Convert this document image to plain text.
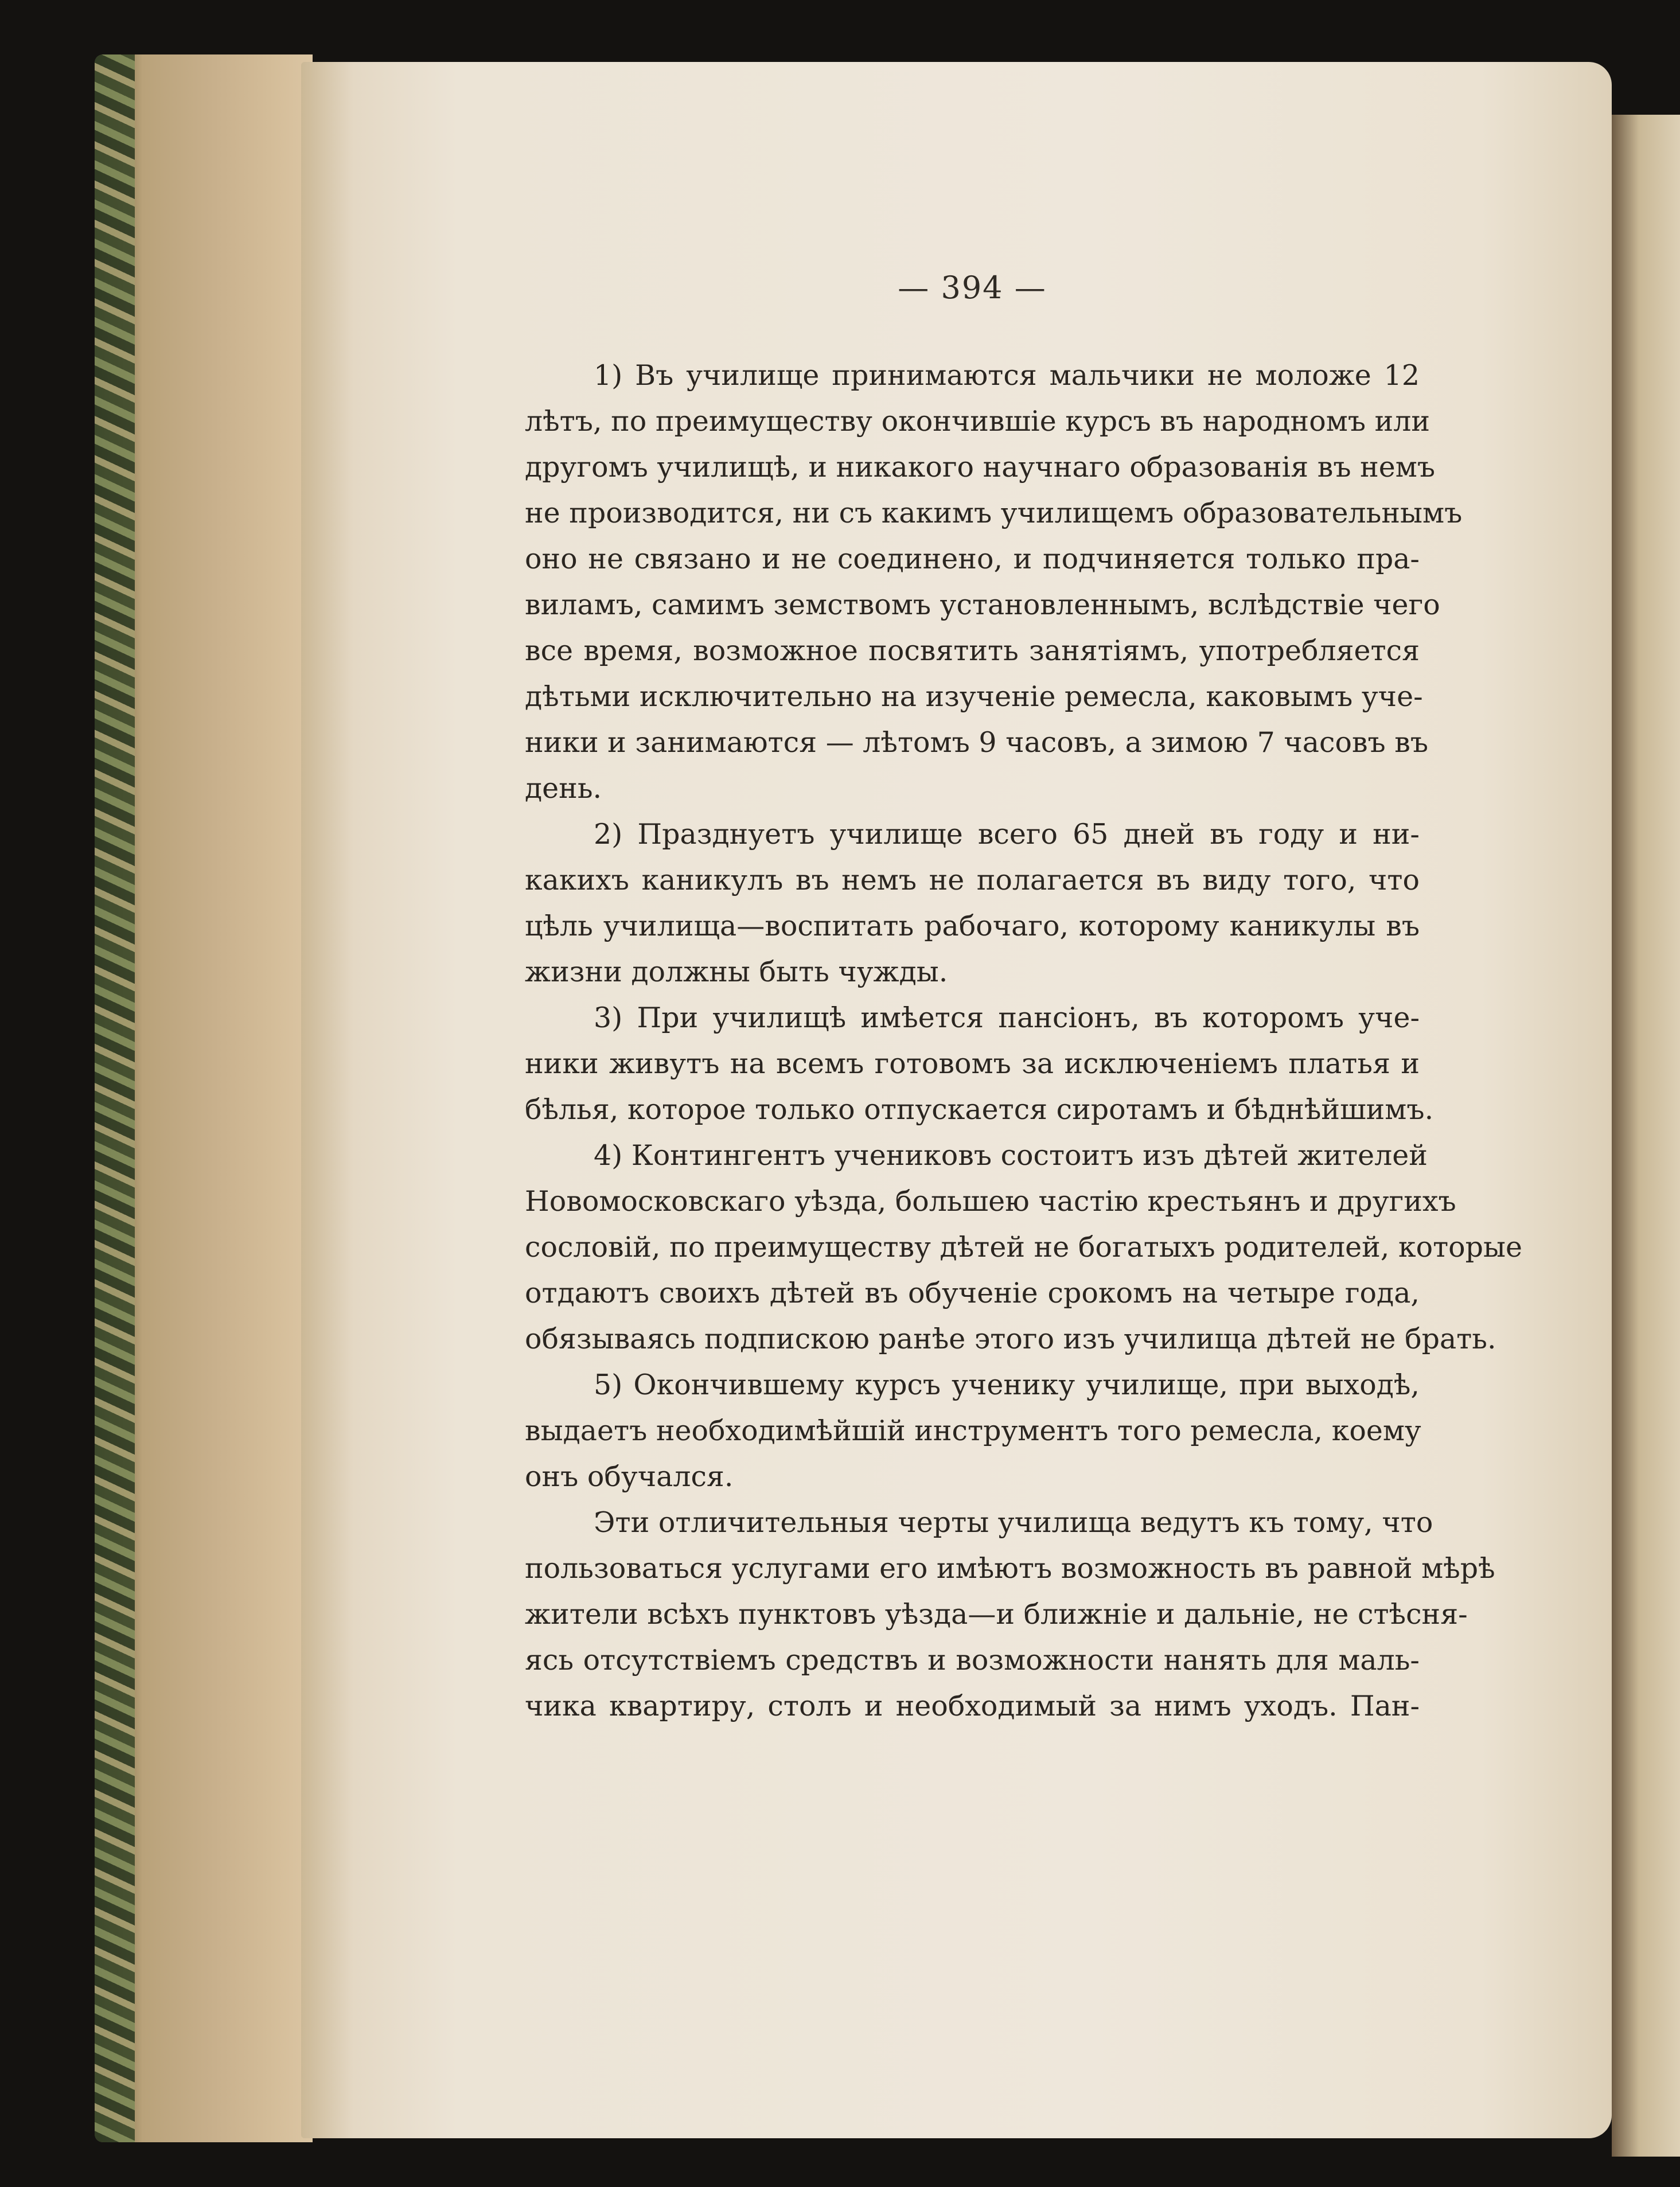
— 394 —
1) Въ училище принимаются мальчики не моложе 12
лѣтъ, по преимуществу окончившіе курсъ въ народномъ или
другомъ училищѣ, и никакого научнаго образованія въ немъ
не производится, ни съ какимъ училищемъ образовательнымъ
оно не связано и не соединено, и подчиняется только пра-
виламъ, самимъ земствомъ установленнымъ, вслѣдствіе чего
все время, возможное посвятить занятіямъ, употребляется
дѣтьми исключительно на изученіе ремесла, каковымъ уче-
ники и занимаются — лѣтомъ 9 часовъ, а зимою 7 часовъ въ
день.
2) Празднуетъ училище всего 65 дней въ году и ни-
какихъ каникулъ въ немъ не полагается въ виду того, что
цѣль училища—воспитать рабочаго, которому каникулы въ
жизни должны быть чужды.
3) При училищѣ имѣется пансіонъ, въ которомъ уче-
ники живутъ на всемъ готовомъ за исключеніемъ платья и
бѣлья, которое только отпускается сиротамъ и бѣднѣйшимъ.
4) Контингентъ учениковъ состоитъ изъ дѣтей жителей
Новомосковскаго уѣзда, большею частію крестьянъ и другихъ
сословій, по преимуществу дѣтей не богатыхъ родителей, которые
отдаютъ своихъ дѣтей въ обученіе срокомъ на четыре года,
обязываясь подпискою ранѣе этого изъ училища дѣтей не брать.
5) Окончившему курсъ ученику училище, при выходѣ,
выдаетъ необходимѣйшій инструментъ того ремесла, коему
онъ обучался.
Эти отличительныя черты училища ведутъ къ тому, что
пользоваться услугами его имѣютъ возможность въ равной мѣрѣ
жители всѣхъ пунктовъ уѣзда—и ближніе и дальніе, не стѣсня-
ясь отсутствіемъ средствъ и возможности нанять для маль-
чика квартиру, столъ и необходимый за нимъ уходъ. Пан-
